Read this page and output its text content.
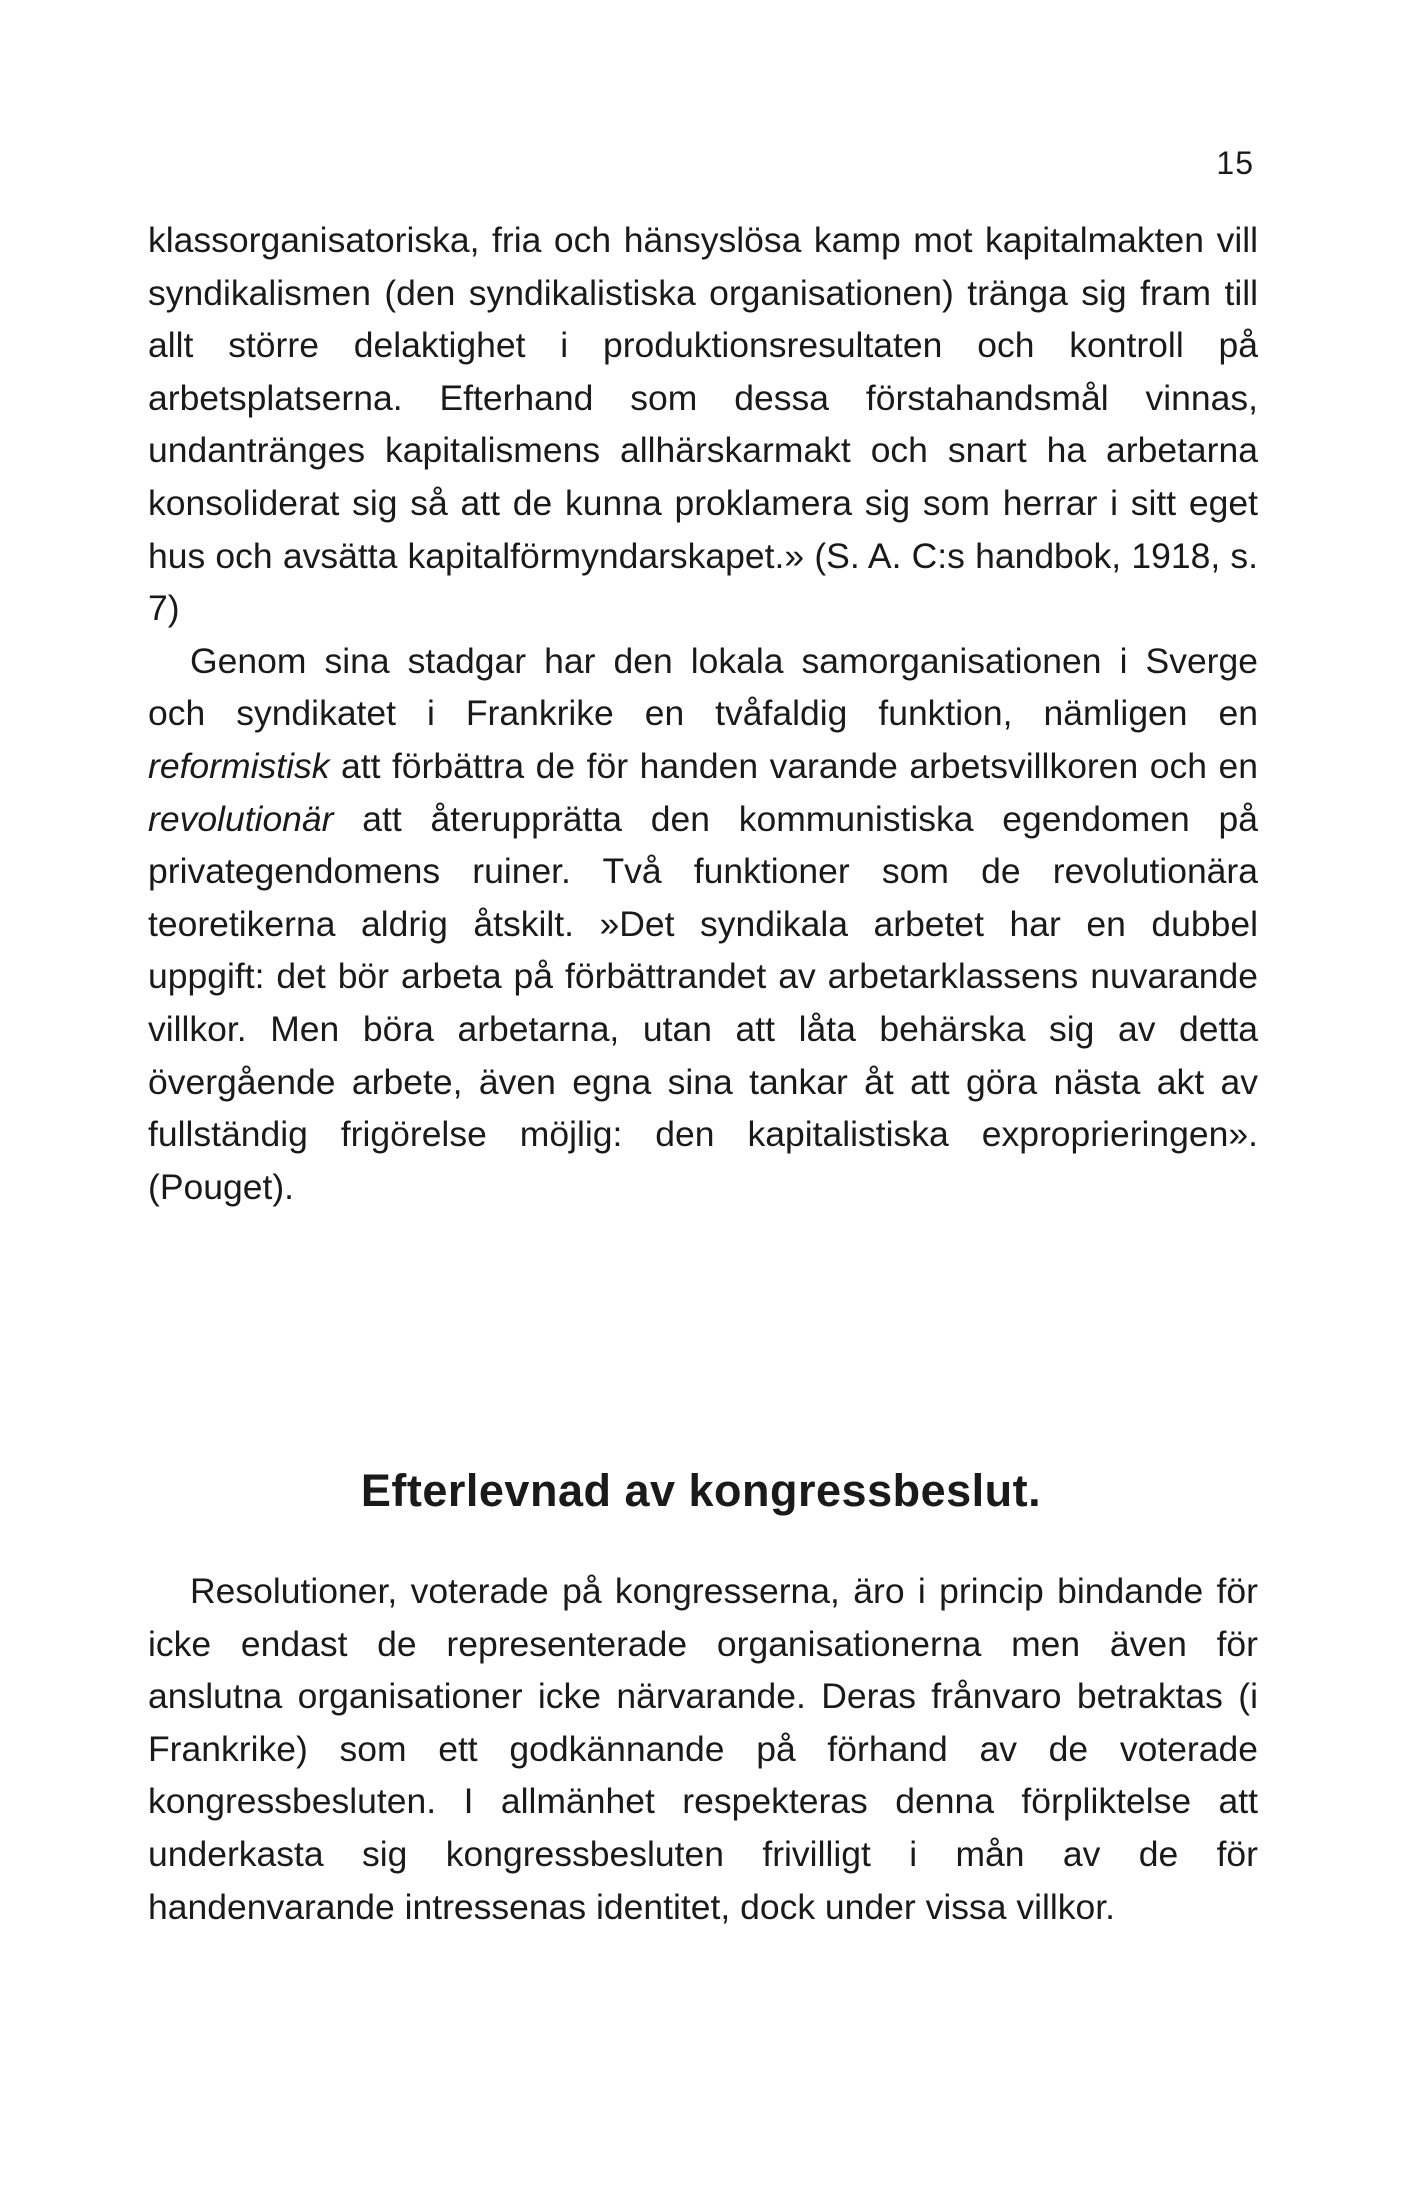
15

klassorganisatoriska, fria och hänsyslösa kamp mot kapitalmakten vill syndikalismen (den syndikalistiska organisationen) tränga sig fram till allt större delaktighet i produktionsresultaten och kontroll på arbetsplatserna. Efterhand som dessa förstahandsmål vinnas, undantränges kapitalismens allhärskarmakt och snart ha arbetarna konsoliderat sig så att de kunna proklamera sig som herrar i sitt eget hus och avsätta kapitalförmyndarskapet.» (S. A. C:s handbok, 1918, s. 7)

Genom sina stadgar har den lokala samorganisationen i Sverge och syndikatet i Frankrike en tvåfaldig funktion, nämligen en reformistisk att förbättra de för handen varande arbetsvillkoren och en revolutionär att återupprätta den kommunistiska egendomen på privategendomens ruiner. Två funktioner som de revolutionära teoretikerna aldrig åtskilt. »Det syndikala arbetet har en dubbel uppgift: det bör arbeta på förbättrandet av arbetarklassens nuvarande villkor. Men böra arbetarna, utan att låta behärska sig av detta övergående arbete, även egna sina tankar åt att göra nästa akt av fullständig frigörelse möjlig: den kapitalistiska exproprieringen». (Pouget).

Efterlevnad av kongressbeslut.

Resolutioner, voterade på kongresserna, äro i princip bindande för icke endast de representerade organisationerna men även för anslutna organisationer icke närvarande. Deras frånvaro betraktas (i Frankrike) som ett godkännande på förhand av de voterade kongressbesluten. I allmänhet respekteras denna förpliktelse att underkasta sig kongressbesluten frivilligt i mån av de för handenvarande intressenas identitet, dock under vissa villkor.
